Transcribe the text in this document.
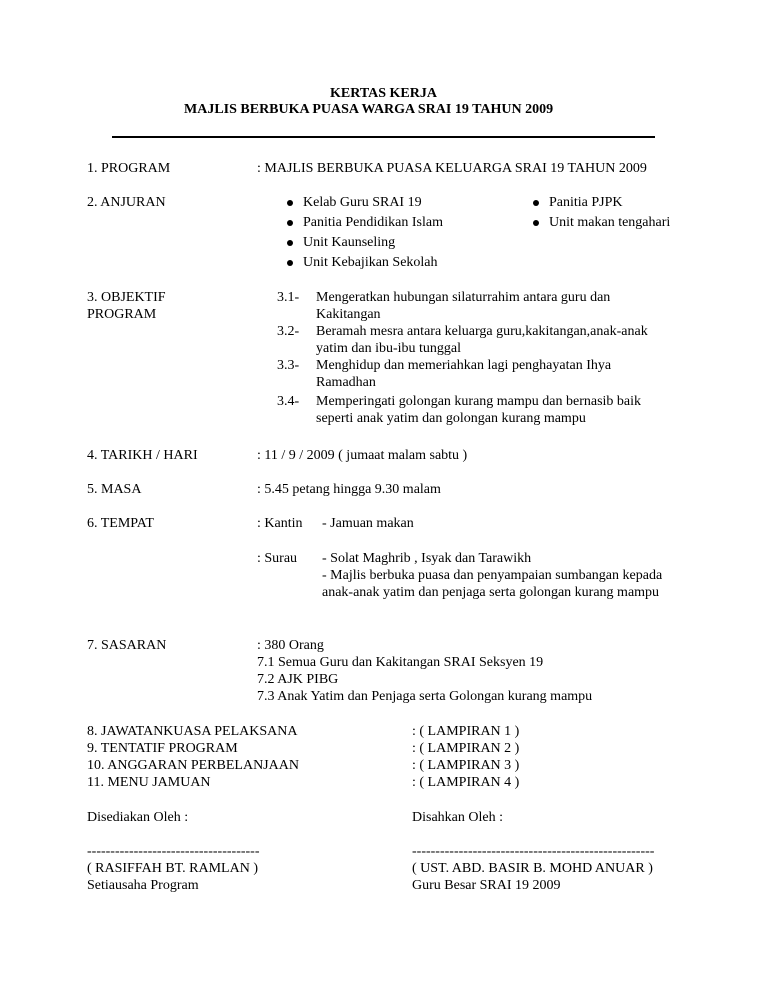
KERTAS KERJA
MAJLIS BERBUKA PUASA WARGA SRAI 19 TAHUN 2009
1. PROGRAM	: MAJLIS BERBUKA PUASA KELUARGA SRAI 19 TAHUN 2009
2. ANJURAN	Kelab Guru SRAI 19
Panitia Pendidikan Islam
Unit Kaunseling
Unit Kebajikan Sekolah
Panitia PJPK
Unit makan tengahari
3. OBJEKTIF
PROGRAM
3.1- Mengeratkan hubungan silaturrahim antara guru dan
Kakitangan
3.2- Beramah mesra antara keluarga guru,kakitangan,anak-anak
yatim dan ibu-ibu tunggal
3.3- Menghidup dan memeriahkan lagi penghayatan Ihya
Ramadhan
3.4- Memperingati golongan kurang mampu dan bernasib baik
seperti anak yatim dan golongan kurang mampu
4. TARIKH / HARI	: 11 / 9 / 2009 ( jumaat malam sabtu )
5. MASA	: 5.45 petang hingga 9.30 malam
6. TEMPAT	: Kantin - Jamuan makan
: Surau - Solat Maghrib , Isyak dan Tarawikh
- Majlis berbuka puasa dan penyampaian sumbangan kepada
anak-anak yatim dan penjaga serta golongan kurang mampu
7. SASARAN	: 380 Orang
7.1 Semua Guru dan Kakitangan SRAI Seksyen 19
7.2 AJK PIBG
7.3 Anak Yatim dan Penjaga serta Golongan kurang mampu
8. JAWATANKUASA PELAKSANA	: ( LAMPIRAN 1 )
9. TENTATIF PROGRAM	: ( LAMPIRAN 2 )
10. ANGGARAN PERBELANJAAN	: ( LAMPIRAN 3 )
11. MENU JAMUAN	: ( LAMPIRAN 4 )
Disediakan Oleh :	Disahkan Oleh :
-------------------------------------	----------------------------------------------------
( RASIFFAH BT. RAMLAN )	( UST. ABD. BASIR B. MOHD ANUAR )
Setiausaha Program	Guru Besar SRAI 19 2009
